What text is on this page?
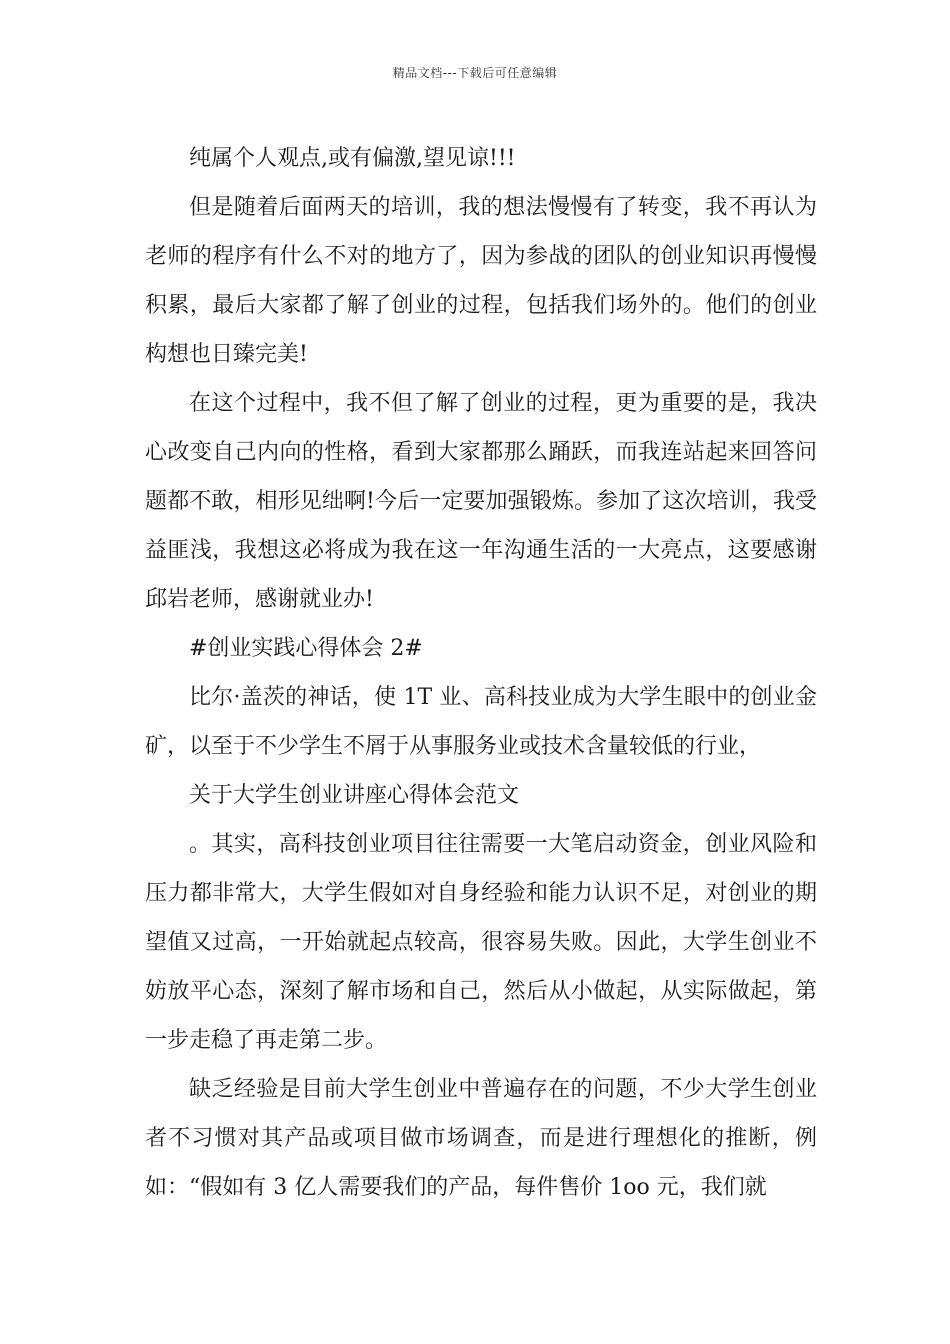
精品文档---下载后可任意编辑

纯属个人观点,或有偏激,望见谅!!!

但是随着后面两天的培训，我的想法慢慢有了转变，我不再认为老师的程序有什么不对的地方了，因为参战的团队的创业知识再慢慢积累，最后大家都了解了创业的过程，包括我们场外的。他们的创业构想也日臻完美!

在这个过程中，我不但了解了创业的过程，更为重要的是，我决心改变自己内向的性格，看到大家都那么踊跃，而我连站起来回答问题都不敢，相形见绌啊!今后一定要加强锻炼。参加了这次培训，我受益匪浅，我想这必将成为我在这一年沟通生活的一大亮点，这要感谢邱岩老师，感谢就业办!

#创业实践心得体会 2#

比尔·盖茨的神话，使 1T 业、高科技业成为大学生眼中的创业金矿，以至于不少学生不屑于从事服务业或技术含量较低的行业，

关于大学生创业讲座心得体会范文

。其实，高科技创业项目往往需要一大笔启动资金，创业风险和压力都非常大，大学生假如对自身经验和能力认识不足，对创业的期望值又过高，一开始就起点较高，很容易失败。因此，大学生创业不妨放平心态，深刻了解市场和自己，然后从小做起，从实际做起，第一步走稳了再走第二步。

缺乏经验是目前大学生创业中普遍存在的问题，不少大学生创业者不习惯对其产品或项目做市场调查，而是进行理想化的推断，例如：“假如有 3 亿人需要我们的产品，每件售价 1oo 元，我们就
